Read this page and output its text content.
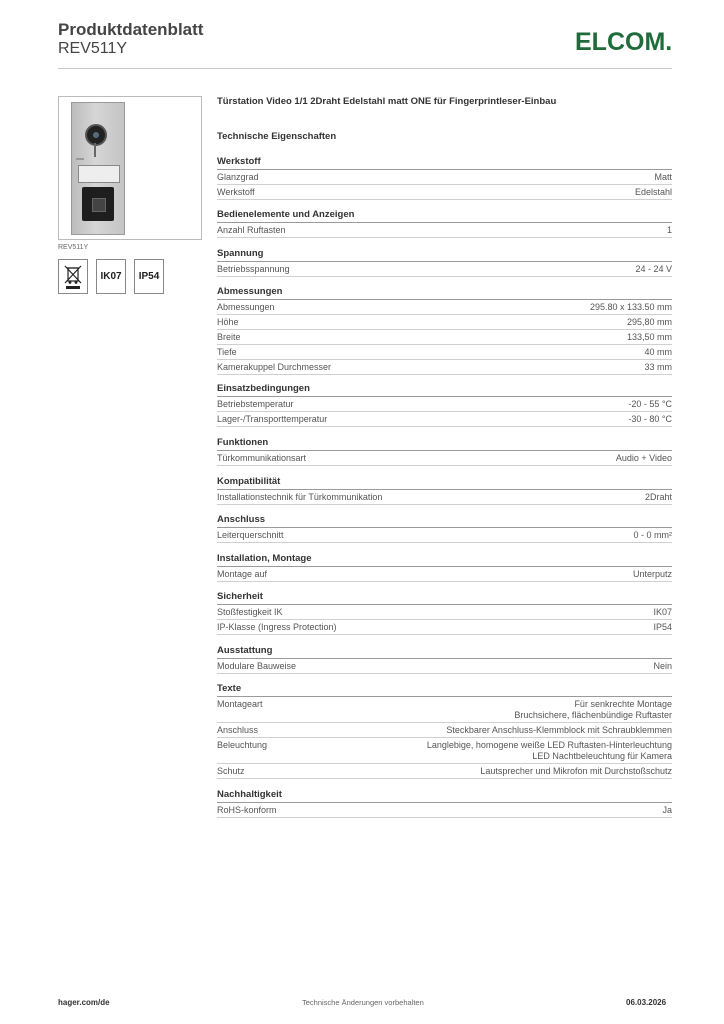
Produktdatenblatt
REV511Y	ELCOM.
REV511Y
IK07	IP54
Türstation Video 1/1 2Draht Edelstahl matt ONE für Fingerprintleser-Einbau
Technische Eigenschaften
Werkstoff
Glanzgrad	Matt
Werkstoff	Edelstahl
Bedienelemente und Anzeigen
Anzahl Ruftasten	1
Spannung
Betriebsspannung	24 - 24 V
Abmessungen
Abmessungen	295.80 x 133.50 mm
Höhe	295,80 mm
Breite	133,50 mm
Tiefe	40 mm
Kamerakuppel Durchmesser	33 mm
Einsatzbedingungen
Betriebstemperatur	-20 - 55 °C
Lager-/Transporttemperatur	-30 - 80 °C
Funktionen
Türkommunikationsart	Audio + Video
Kompatibilität
Installationstechnik für Türkommunikation	2Draht
Anschluss
Leiterquerschnitt	0 - 0 mm²
Installation, Montage
Montage auf	Unterputz
Sicherheit
Stoßfestigkeit IK	IK07
IP-Klasse (Ingress Protection)	IP54
Ausstattung
Modulare Bauweise	Nein
Texte
Montageart	Für senkrechte Montage
Bruchsichere, flächenbündige Ruftaster
Anschluss	Steckbarer Anschluss-Klemmblock mit Schraubklemmen
Beleuchtung	Langlebige, homogene weiße LED Ruftasten-Hinterleuchtung
LED Nachtbeleuchtung für Kamera
Schutz	Lautsprecher und Mikrofon mit Durchstoßschutz
Nachhaltigkeit
RoHS-konform	Ja
hager.com/de	Technische Änderungen vorbehalten	06.03.2026
